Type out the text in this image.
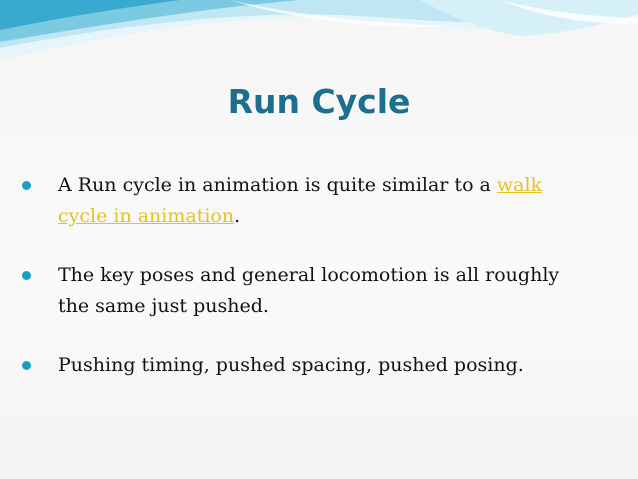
Run Cycle
A Run cycle in animation is quite similar to a walk cycle in animation.
The key poses and general locomotion is all roughly the same just pushed.
Pushing timing, pushed spacing, pushed posing.
